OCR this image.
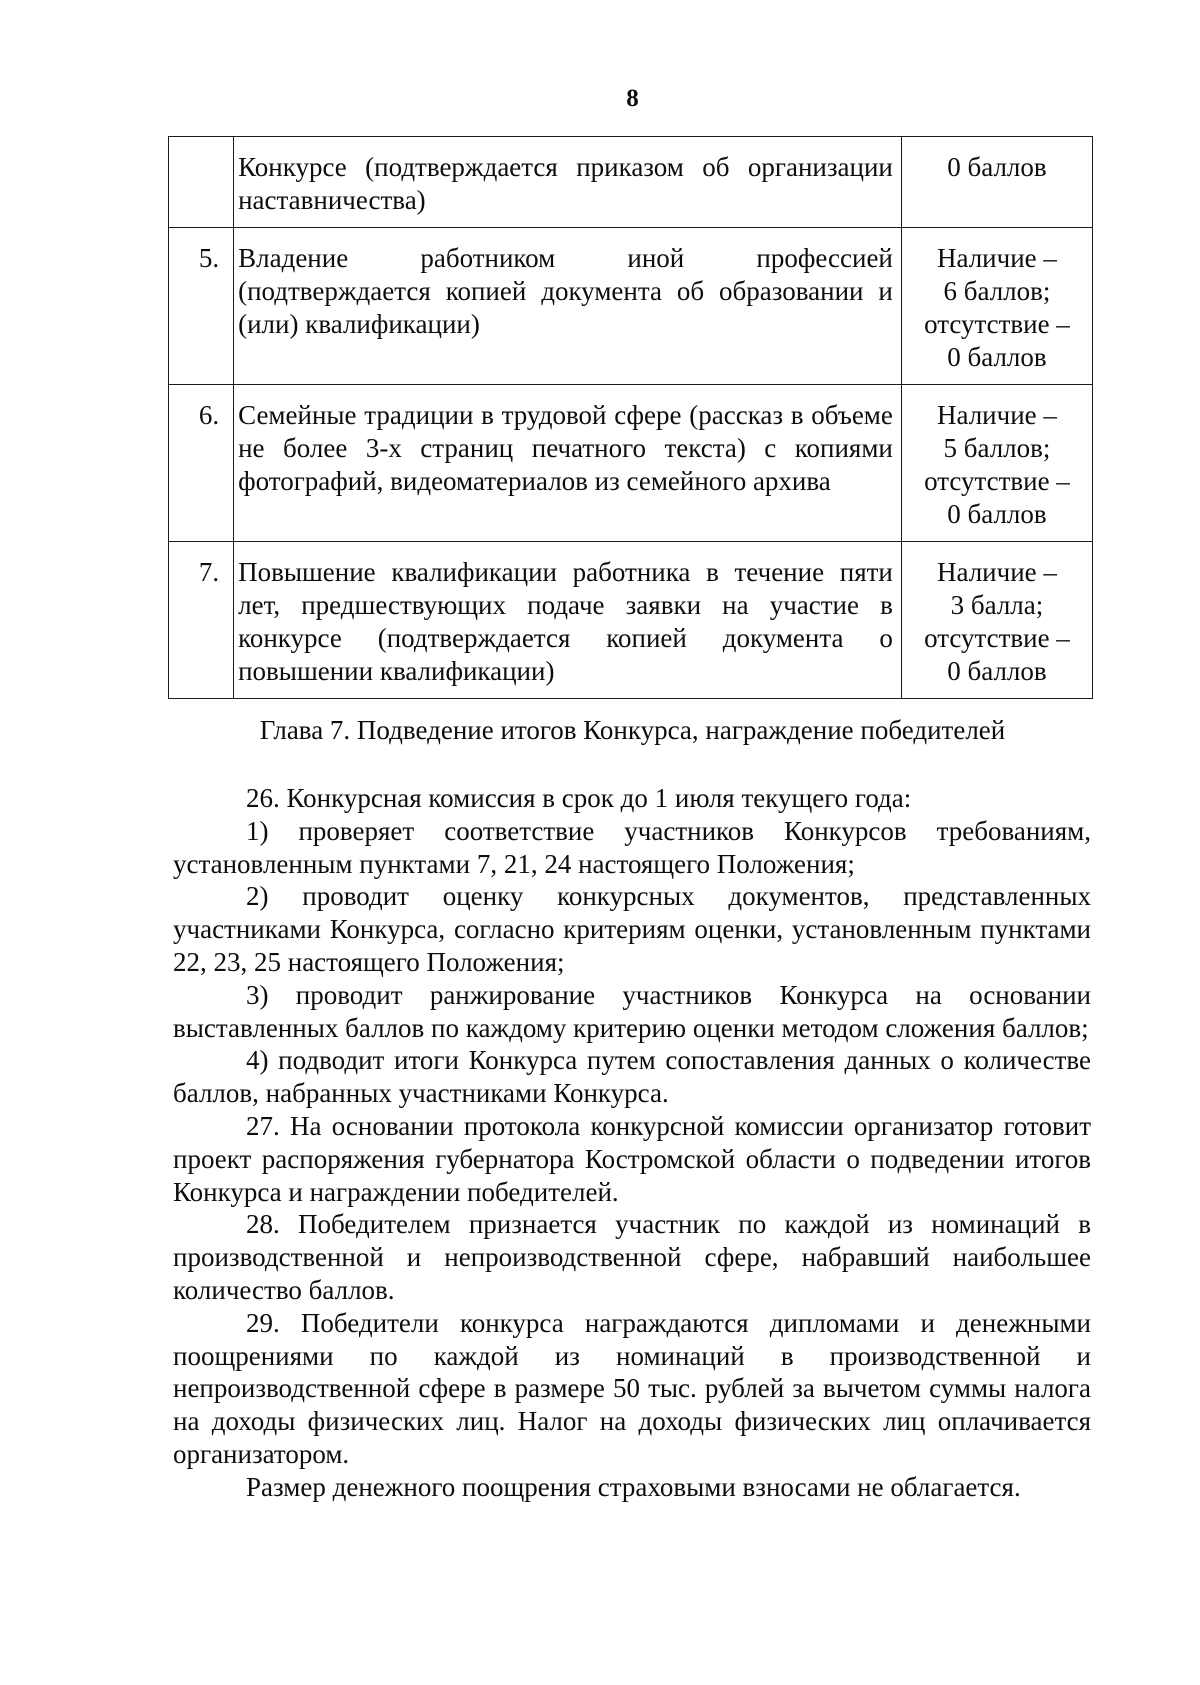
8
	Конкурсе (подтверждается приказом об организации наставничества)	0 баллов

5.	Владение работником иной профессией (подтверждается копией документа об образовании и (или) квалификации)	Наличие –
6 баллов;
отсутствие –
0 баллов

6.	Семейные традиции в трудовой сфере (рассказ в объеме не более 3-х страниц печатного текста) с копиями фотографий, видеоматериалов из семейного архива	Наличие –
5 баллов;
отсутствие –
0 баллов

7.	Повышение квалификации работника в течение пяти лет, предшествующих подаче заявки на участие в конкурсе (подтверждается копией документа о повышении квалификации)	Наличие –
3 балла;
отсутствие –
0 баллов
Глава 7. Подведение итогов Конкурса, награждение победителей

26. Конкурсная комиссия в срок до 1 июля текущего года:

1) проверяет соответствие участников Конкурсов требованиям, установленным пунктами 7, 21, 24 настоящего Положения;

2) проводит оценку конкурсных документов, представленных участниками Конкурса, согласно критериям оценки, установленным пунктами 22, 23, 25 настоящего Положения;

3) проводит ранжирование участников Конкурса на основании выставленных баллов по каждому критерию оценки методом сложения баллов;

4) подводит итоги Конкурса путем сопоставления данных о количестве баллов, набранных участниками Конкурса.

27. На основании протокола конкурсной комиссии организатор готовит проект распоряжения губернатора Костромской области о подведении итогов Конкурса и награждении победителей.

28. Победителем признается участник по каждой из номинаций в производственной и непроизводственной сфере, набравший наибольшее количество баллов.

29. Победители конкурса награждаются дипломами и денежными поощрениями по каждой из номинаций в производственной и непроизводственной сфере в размере 50 тыс. рублей за вычетом суммы налога на доходы физических лиц. Налог на доходы физических лиц оплачивается организатором.

Размер денежного поощрения страховыми взносами не облагается.
